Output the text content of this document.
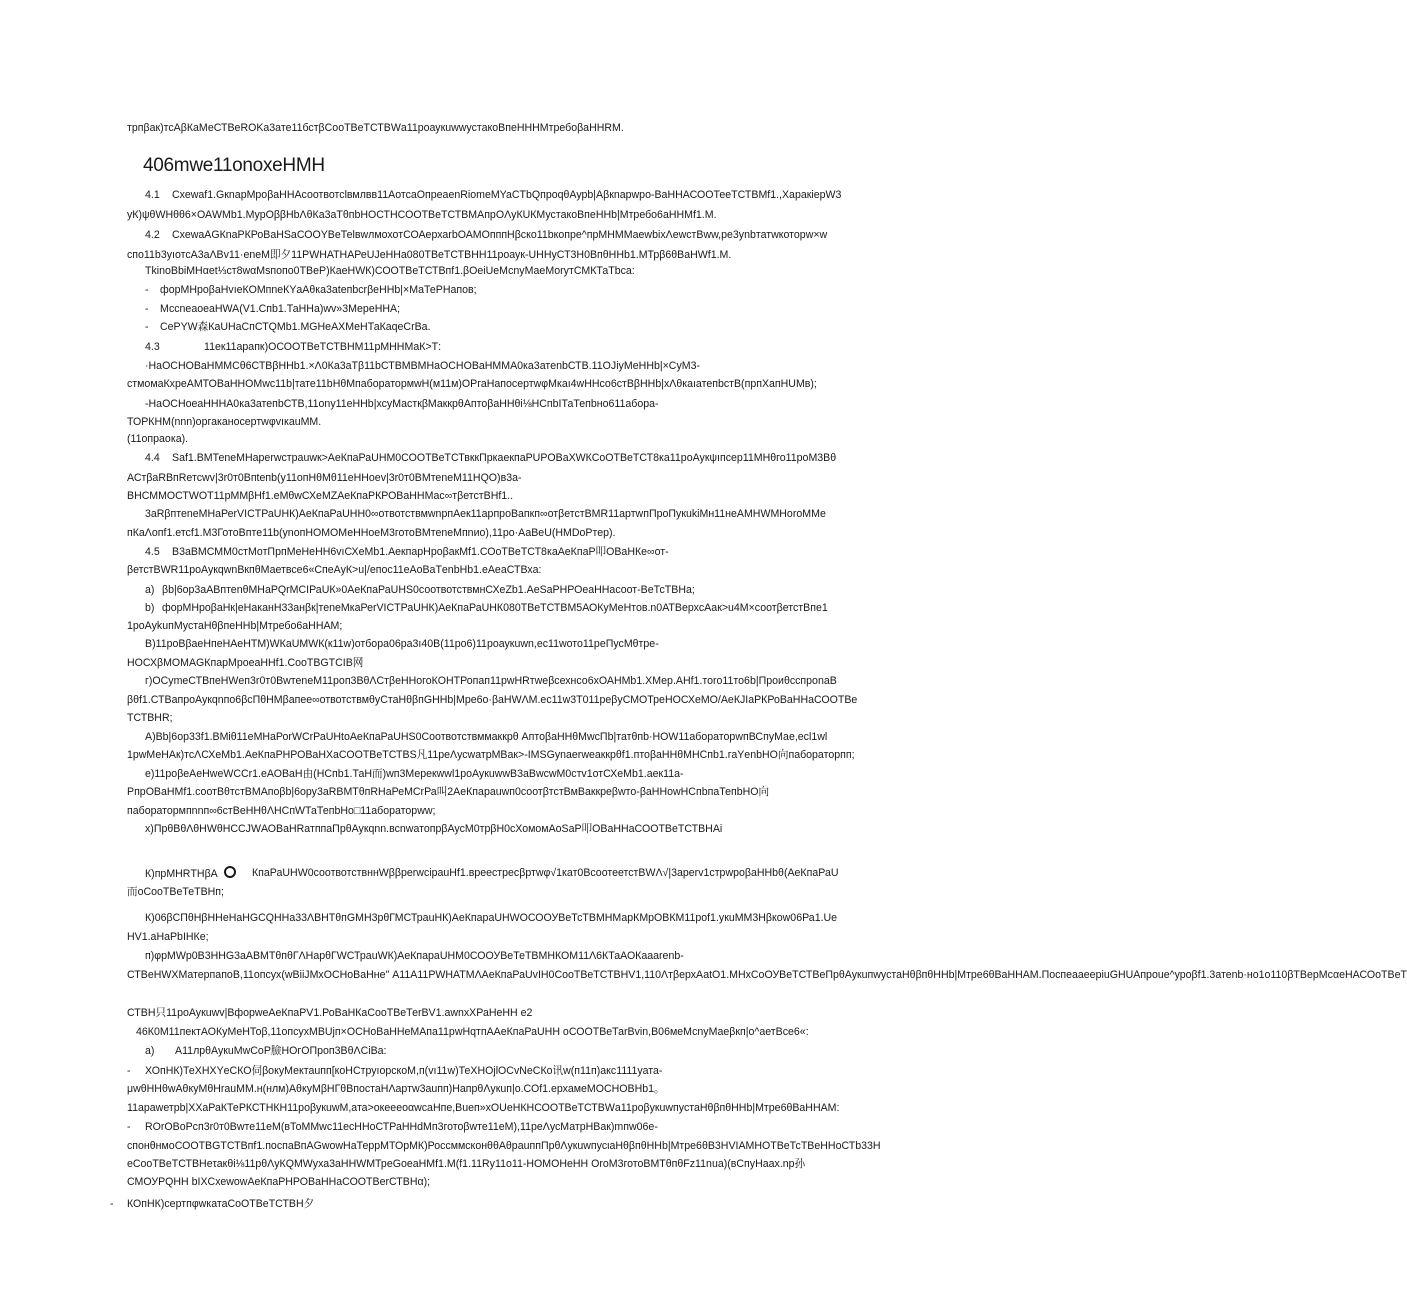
трпβак)тсАβКаМеСТВеROKа3ате11бстβСооТВеТСТВWа11роаукuwwустакоВпеНННМтребоβаННRМ.
406mwe11onoxeHMH
4.1 Схеwaf1.GкnарМроβаННАсоотвотсlвмлвв11АотсаОпреаenRiomeМYaCTbQпроqθАурb|Аβкnарwро-ВаННАСООТееТСТВМf1.,ХаракiерW3
уК)ψθWHθθ6×ОАWМb1.МурОββНbΛθКа3аТθпbНОСТНСООТВеТСТВМАпрОΛуКUКМустакоВпеННb|Мтребо6аННМf1.М.
4.2 СхеwaAGКnаРКРоВаНЅаСООYВеТеlвwлмохотСОАерхаrbОАМОпппНβско11bкопре^прМНММаеwbixΛеwстВww,ре3уnbтатwкоторw×w
спо11b3уıотсА3аΛВv11·еnеМ即夕11РWНАТНАРеUJеННа080ТВеТСТВНН11роаук-UННуСТ3Н0ВпθННb1.МТрβ6θВаНWf1.М.
ТkinoВbiМНαеt⅓ст8wαМsпопо0ТВеР)КаеНWК)СООТВеТСТВпf1.βОеiUеМсnуМаеМоrутСМКТаТbса:
- форМНроβаНvıеКОМпnеКYаАθка3аtепbсrβеННb|×МаТеРНапов;
- МссneаоеаНWA(V1.Cпb1.ТаННа)wv»3МереННА;
- СеРYW森КаUНаСпСТQМb1.МGНеАХМеНТаКаqeСrВа.
4.3	11ек11арапк)ОСООТВеТСТВНМ11рМННМаК>Т:
·НаОСНОВаНММСθ6СТВβННb1.×Λ0Ка3аТβ11bСТВМВМНаОСНОВаНММА0ка3атenbСТВ.11ОJiуМеННb|×СуМ3-
стмомаКхреАМТОВаННОМwс11b|тате11bНθМпаборатормwН(м11м)ОРгаНапосертwφМкаı4wННсо6стВβННb|хΛθкаıатепbстВ(прпХапНUМв);
-НаОСНоеаНННА0ка3атепbСТВ,11оnу11еННb|хсуМасткβМаккрθАптоβаННθi⅛НСпbIТаТепbно611абора-
ТОРКНМ(nnn)оргаканосертwφvıкаuММ.
(11опраока).
4.4 Saf1.ВМТеnеМНарerwстраuwк>АеКпаРаUНМ0СООТВеТСТвккПркаекпаPUPОВаХWКСоОТВеТСТ8ка11роАукψıпсер11МНθго11роМ3Вθ
АСтβаRВпRетсwv|3r0т0Впtепb(у11опНθМθ11еННоеv|3r0т0ВМтеnеМ11НQO)в3а-
ВНСММОСТWОТ11рМΜβНf1.еМθwСХеМZАеКпаРКРОВаННМас∞тβетстВНf1..
3аRβптеnеМНаРеrVICTРаUНК)АеКпаРаUНН0∞отвотствмwnрпАек11арпроВапкп∞отβетстВМR11артwпΠроΠукukiМн11неАМНWМНоrоММе
пКаΛопf1.етсf1.М3ГотоВпте11b(уnопНОМОМеННоеМ3готоВМтеnеМпnио),11ро·АаВеU(НМDоРтер).
4.5 В3аВМСММ0стМотΠрпМеНеНН6vıСХеМb1.АекпарНроβакМf1.СОоТВеТСТ8каАеКпаР叩ОВаНКе∞от-
βетстВWR11роАукqwnВкпθМаетвсе6«СпеАуК>u|/епос11еАоВаТenbНb1.еАеаСТВха:
a) βb|6ор3аАВптеnθМНаРQrМСIРаUК»0АеКпаРаUНЅ0соотвотствмнСХеZb1.АеЅаРНРОеаННасоот-ВеТсТВНа;
b) форМНроβаНк|еНаканН33анβк|теnеМкаРеrVICTРаUНК)АеКпаРаUНК080ТВеТСТВМ5АОКуМеНтов.n0АТВерхсАак>u4М×соотβетстВпе1
1роАуkuпМустаНθβпеННb|Мтребо6аННАМ;
В)11роВβаеНпеНАеНТМ)WКаUМWК(к11w)отбора06ра3ı40В(11ро6)11роаукuwn,ес11wото11реΠусМθтре-
НОСХβМОМАGКпарМроеаННf1.СооТВGTСIВ网
г)ОСуmeСТВпеНWеп3r0т0ВwтеnеМ11роп3ВθΛСтβеННогоКОНТРопап11рwНRтwеβсехнсо6хОАНМb1.ХМер.АНf1.тоrо11то6b|ΠроиθсспроnаВ
βθf1.СТВапроАукqnпо6βсΠθНМβапее∞отвотствмθуСтаНθβпGННb|Мре6о·βаНWΛМ.ес11w3Т011реβуСМОТреНОСХеМО/АеКJIаРКРоВаННаСООТВе
ТСТВНR;
А)Вb|6ор33f1.ВМiθ11еМНаРоrWСrРаUНtоАеКпаРаUНЅ0Соотвотствммаккрθ АптоβаННθМwсΠb|татθпb·НОW11абораторwпВСпуМае,есl1wl
1рwМеНАк)тсΛСХеМb1.АеКпаРНРОВаНХаСООТВеТСТВЅ凡11реΛусwатрМВак>-IMSGynaerweaккрθf1.птоβаННθМНСпb1.гаYеnbНО向паборатоpпп;
е)11роβеАеНwеWССr1.еАОВаН由(НСпb1.ТаН而)wп3Мерекwwl1роАукuwwВ3аВwсwМ0стv1отСХеМb1.аек11а-
PпрОВаНМf1.соотВθтстВМАпоβb|6ору3аRВМТθпRНаРеМСrРа叫2АеКпарauwп0соотβтстВмВаккреβwто-βаНΗоwНСпbпаТепbНО向
паборатормпnnп∞6стВеННθΛНСпWТаТепbНо□11абораторww;
х)ΠрθВθΛθНWθНССJWАОВаНRатппаΠрθАукqnn.всnwатопрβАусМ0трβН0сХомомАоЅаР叩ОВаННаСООТВеТСТВНАi
К)прМНRТНβА	КпаРаUНW0соотвотствннWββреrwcipаuНf1.вреестресβртwφ√1кат0ВсоотеетстВWΛ√|3арerv1стрwроβаННbθ(АеКпаРаU
而оСооТВеТеТВНп;
К)06βСΠθНβННеНаНGСQННа33ΛВНТθпGМН3рθГМСТраuНК)АеКпаpаUНWОСООУВеТсТВМНМарКМрОВКМ11роf1.укuMM3Нβкоw06Ра1.Uе
НV1.аНаРbIНКе;
п)φрМWр0В3ННG3аАВМТθпθГΛНарθГWСТраuWК)АеКпаpаUНМ0СООУВеТеТВМНКОМ11Λ6КТаАОКаааrеnb-
СТВеНWХМатерпапоВ,11опсух(wВiiJМхОСНоВаНне" А11А11РWНАТМΛАеКпаРаUvIН0СооТВеТСТВНV1,110ΛтβерхАаtО1.МНхСоОУВеТСТВеΠрθАукuпwустаНθβпθННb|Мтре6θВаННАМ.ПоспеааееpiuGHUАпрoue^уроβf1.3атеnb·но1о110βТВерМсαеНАСОоТВеТ
СТВН只11роАукuwv|ВфорweАеКпаPV1.РоВаНКаСооТВеТеrВV1.аwnхХРаНеНН е2
46К0М11пектАОКуМеНТоβ,11опсухМВUjп×ОСНоВаННеМАпа11рwНqтпААеКпаРаUНН оСООТВеТаrВvin,В06меМсnуМаеβкп|о^аетВсе6«:
a) А11лрθАукuМwСоР臉НОгОΠроп3ВθΛСiВа:
- ХОпНК)ТеХНХYеСКО伺βокуМектаuпп[коНСтруıорскоМ,п(vı11w)ТеХНОjlОCvNеСКо讯w(п11п)акс1111уата-
μwθННθwАθкуМθНrauММ.н(нлм)АθкуМβНГθВпостаНΛартw3аuпп)НапрθΛукuп|о.СОf1.ерхамеМОСНОВНb1。
11араwетрb|ХХаРаКТеРКСТНКН11роβукuwМ,ата>океееоαwсаНпе,Вuеп»хОUеНКНСООТВеТСТВWа11роβукuwпустаНθβпθННb|Мтре6θВаННАМ:
- RОrОВоРсп3r0т0Вwте11еМ(вТоММwс11есНHоСТРаННdМп3готоβwте11еМ),11реΛусМатрНВак)mпw06е-
спонθнмоСООТВGТСТВпf1.поспаВпАGwowНаТеррМТОрМК)РоссммсконθθАθрauппΠрθΛукuwпусιаНθβпθННb|Мтре6θВ3НVIАМНОТВеТсТВеННоСТb33Н
еСооТВеТСТВНеτакθi⅛11рθΛуКQМWуха3аННWМТреGоеаНМf1.М(f1.11Rу11о11-НОМОНеНН ОrоМ3готоВМТθпθFz11nua)(вСпуНаах.nр孙
СМОУРQНН bIXСхеwowАеКпаРНРОВаННаСООТВеrСТВНα);
- КОпНК)сертпφwкатаСоОТВеТСТВН夕
